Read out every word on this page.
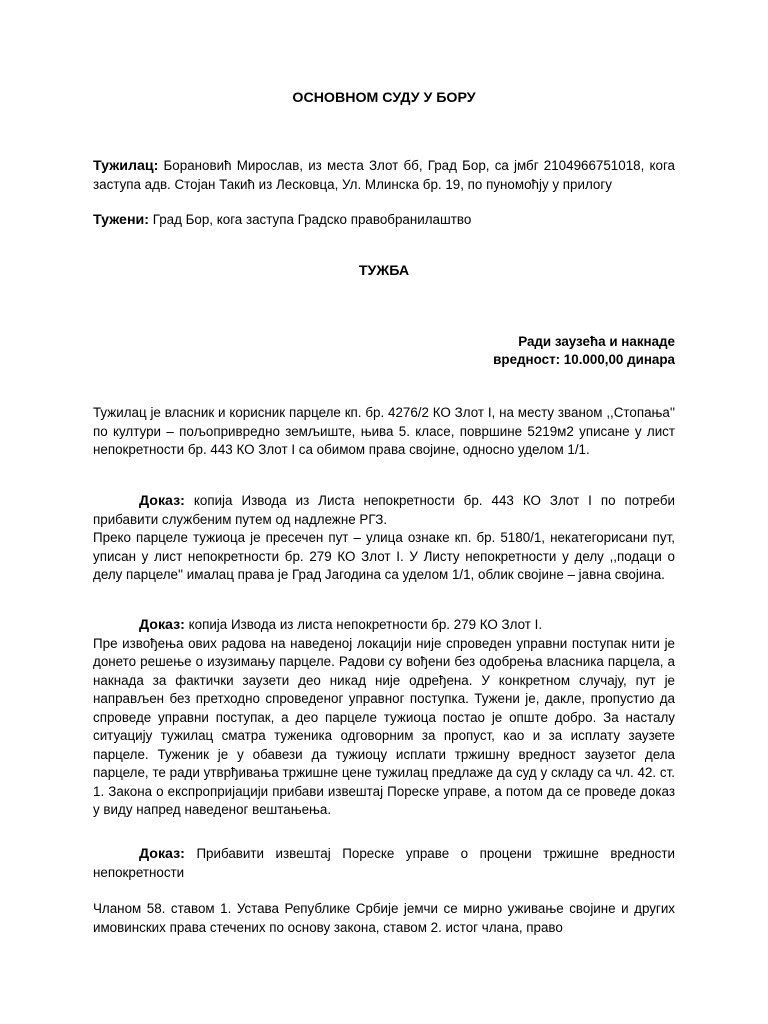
ОСНОВНОМ СУДУ У БОРУ

Тужилац: Борановић Мирослав, из места Злот бб, Град Бор, са јмбг 2104966751018, кога заступа адв. Стојан Такић из Лесковца, Ул. Млинска бр. 19, по пуномоћју у прилогу

Тужени: Град Бор, кога заступа Градско правобранилаштво

ТУЖБА
Ради заузећа и накнаде
вредност: 10.000,00 динара

Тужилац је власник и корисник парцеле кп. бр. 4276/2 КО Злот I, на месту званом ,,Стопања'' по култури – пољопривредно земљиште, њива 5. класе, површине 5219м2 уписане у лист непокретности бр. 443 КО Злот I са обимом права својине, односно уделом 1/1.

Доказ: копија Извода из Листа непокретности бр. 443 КО Злот I по потреби прибавити службеним путем од надлежне РГЗ.

Преко парцеле тужиоца је пресечен пут – улица ознаке кп. бр. 5180/1, некатегорисани пут, уписан у лист непокретности бр. 279 КО Злот I. У Листу непокретности у делу ,,подаци о делу парцеле'' ималац права је Град Јагодина са уделом 1/1, облик својине – јавна својина.

Доказ: копија Извода из листа непокретности бр. 279 КО Злот I.

Пре извођења ових радова на наведеној локацији није спроведен управни поступак нити је донето решење о изузимању парцеле. Радови су вођени без одобрења власника парцела, а накнада за фактички заузети део никад није одређена. У конкретном случају, пут је направљен без претходно спроведеног управног поступка. Тужени је, дакле, пропустио да спроведе управни поступак, а део парцеле тужиоца постао је опште добро. За насталу ситуацију тужилац сматра туженика одговорним за пропуст, као и за исплату заузете парцеле. Туженик је у обавези да тужиоцу исплати тржишну вредност заузетог дела парцеле, те ради утврђивања тржишне цене тужилац предлаже да суд у складу са чл. 42. ст. 1. Закона о експропријацији прибави извештај Пореске управе, а потом да се проведе доказ у виду напред наведеног вештањења.

Доказ: Прибавити извештај Пореске управе о процени тржишне вредности непокретности

Чланом 58. ставом 1. Устава Републике Србије јемчи се мирно уживање својине и других имовинских права стечених по основу закона, ставом 2. истог члана, право
